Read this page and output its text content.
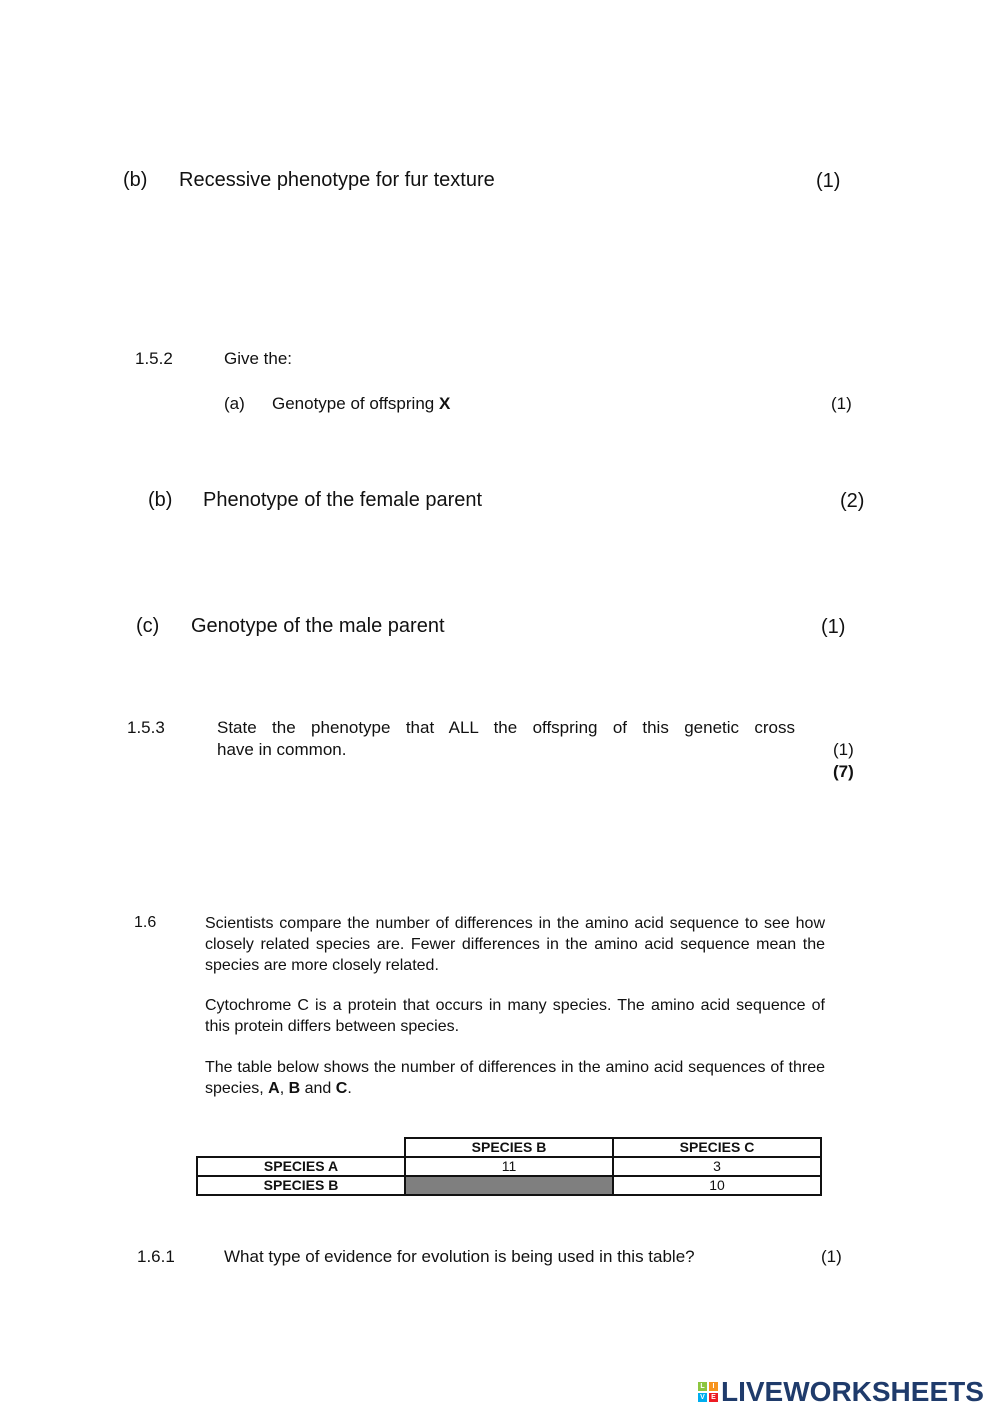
(b) Recessive phenotype for fur texture	(1)
1.5.2	Give the:
(a) Genotype of offspring X	(1)
(b) Phenotype of the female parent	(2)
(c) Genotype of the male parent	(1)
1.5.3	State the phenotype that ALL the offspring of this genetic cross
have in common.	(1)
(7)
1.6	Scientists compare the number of differences in the amino acid sequence to see how closely related species are. Fewer differences in the amino acid sequence mean the species are more closely related.

Cytochrome C is a protein that occurs in many species. The amino acid sequence of this protein differs between species.

The table below shows the number of differences in the amino acid sequences of three species, A, B and C.

	SPECIES B	SPECIES C
SPECIES A	11	3
SPECIES B		10
1.6.1	What type of evidence for evolution is being used in this table?	(1)
L	I
V E LIVEWORKSHEETS
